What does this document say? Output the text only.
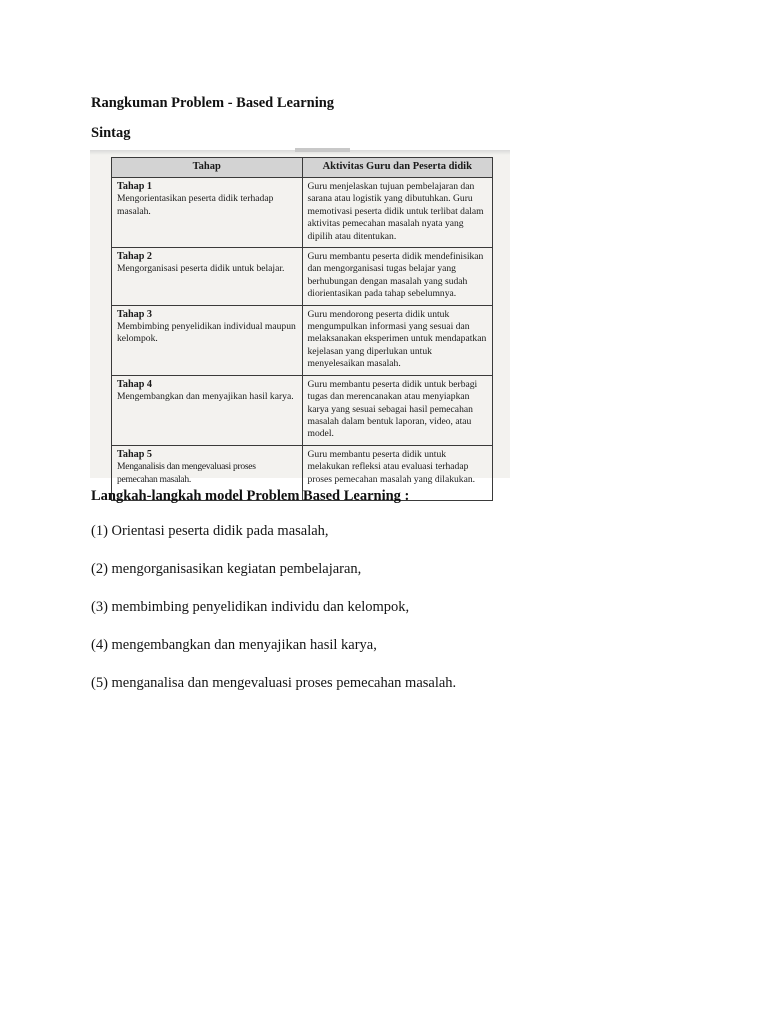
Rangkuman Problem - Based Learning
Sintag
Tahap	Aktivitas Guru dan Peserta didik

Tahap 1
Mengorientasikan peserta didik terhadap masalah.	Guru menjelaskan tujuan pembelajaran dan sarana atau logistik yang dibutuhkan. Guru memotivasi peserta didik untuk terlibat dalam aktivitas pemecahan masalah nyata yang dipilih atau ditentukan.

Tahap 2
Mengorganisasi peserta didik untuk belajar.	Guru membantu peserta didik mendefinisikan dan mengorganisasi tugas belajar yang berhubungan dengan masalah yang sudah diorientasikan pada tahap sebelumnya.

Tahap 3
Membimbing penyelidikan individual maupun kelompok.	Guru mendorong peserta didik untuk mengumpulkan informasi yang sesuai dan melaksanakan eksperimen untuk mendapatkan kejelasan yang diperlukan untuk menyelesaikan masalah.

Tahap 4
Mengembangkan dan menyajikan hasil karya.	Guru membantu peserta didik untuk berbagi tugas dan merencanakan atau menyiapkan karya yang sesuai sebagai hasil pemecahan masalah dalam bentuk laporan, video, atau model.

Tahap 5
Menganalisis dan mengevaluasi proses pemecahan masalah.	Guru membantu peserta didik untuk melakukan refleksi atau evaluasi terhadap proses pemecahan masalah yang dilakukan.
Langkah-langkah model Problem Based Learning :
(1) Orientasi peserta didik pada masalah,
(2) mengorganisasikan kegiatan pembelajaran,
(3) membimbing penyelidikan individu dan kelompok,
(4) mengembangkan dan menyajikan hasil karya,
(5) menganalisa dan mengevaluasi proses pemecahan masalah.
